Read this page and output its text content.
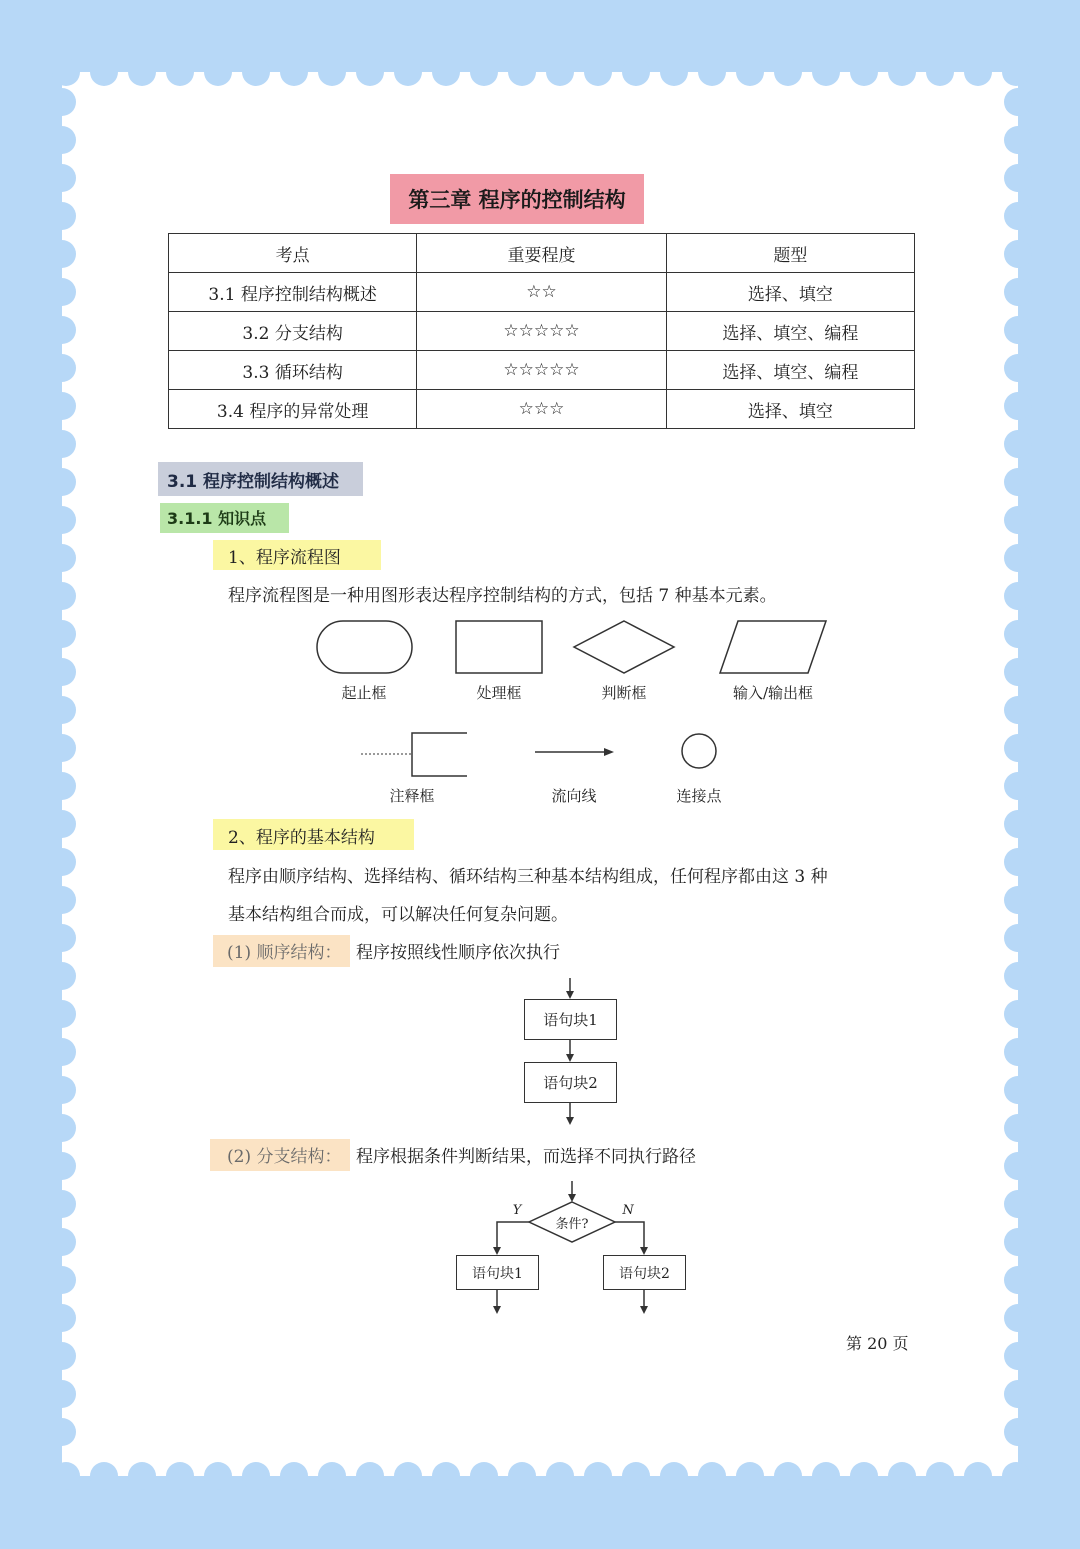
第三章 程序的控制结构
考点	重要程度	题型
3.1 程序控制结构概述	☆☆	选择、填空
3.2 分支结构	☆☆☆☆☆	选择、填空、编程
3.3 循环结构	☆☆☆☆☆	选择、填空、编程
3.4 程序的异常处理	☆☆☆	选择、填空
3.1 程序控制结构概述
3.1.1 知识点
1、程序流程图
程序流程图是一种用图形表达程序控制结构的方式，包括 7 种基本元素。
起止框	处理框	判断框	输入/输出框
注释框	流向线	连接点
2、程序的基本结构
程序由顺序结构、选择结构、循环结构三种基本结构组成，任何程序都由这 3 种
基本结构组合而成，可以解决任何复杂问题。
(1) 顺序结构： 程序按照线性顺序依次执行
语句块1
语句块2
(2) 分支结构： 程序根据条件判断结果，而选择不同执行路径
条件?
Y	N
语句块1	语句块2
第 20 页
